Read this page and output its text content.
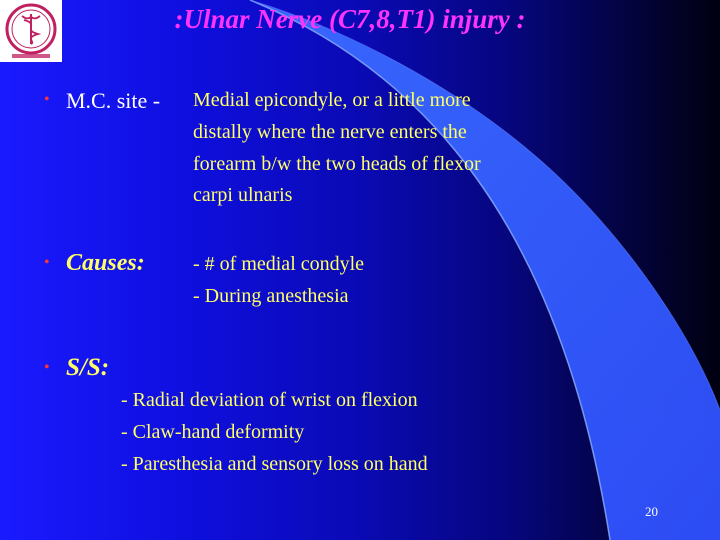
:Ulnar Nerve (C7,8,T1) injury :
• M.C. site - Medial epicondyle, or a little more
distally where the nerve enters the
forearm b/w the two heads of flexor
carpi ulnaris
• Causes: - # of medial condyle
- During anesthesia
• S/S:
- Radial deviation of wrist on flexion
- Claw-hand deformity
- Paresthesia and sensory loss on hand
20
